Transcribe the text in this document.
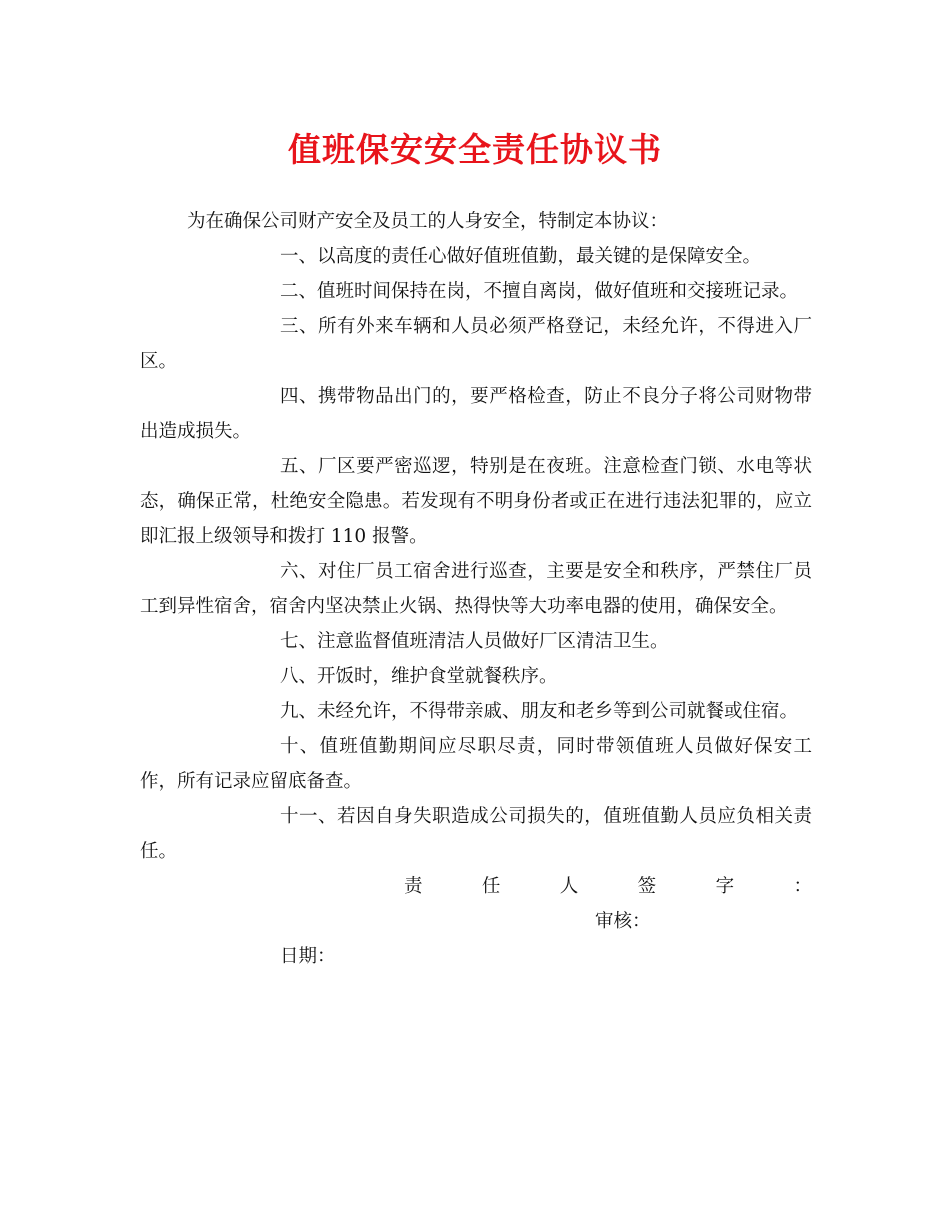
值班保安安全责任协议书

为在确保公司财产安全及员工的人身安全，特制定本协议：

一、以高度的责任心做好值班值勤，最关键的是保障安全。

二、值班时间保持在岗，不擅自离岗，做好值班和交接班记录。

三、所有外来车辆和人员必须严格登记，未经允许，不得进入厂区。

四、携带物品出门的，要严格检查，防止不良分子将公司财物带出造成损失。

五、厂区要严密巡逻，特别是在夜班。注意检查门锁、水电等状态，确保正常，杜绝安全隐患。若发现有不明身份者或正在进行违法犯罪的，应立即汇报上级领导和拨打 110 报警。

六、对住厂员工宿舍进行巡查，主要是安全和秩序，严禁住厂员工到异性宿舍，宿舍内坚决禁止火锅、热得快等大功率电器的使用，确保安全。

七、注意监督值班清洁人员做好厂区清洁卫生。

八、开饭时，维护食堂就餐秩序。

九、未经允许，不得带亲戚、朋友和老乡等到公司就餐或住宿。

十、值班值勤期间应尽职尽责，同时带领值班人员做好保安工作，所有记录应留底备查。

十一、若因自身失职造成公司损失的，值班值勤人员应负相关责任。

责	任	人	签	字	：

审核：

日期：
